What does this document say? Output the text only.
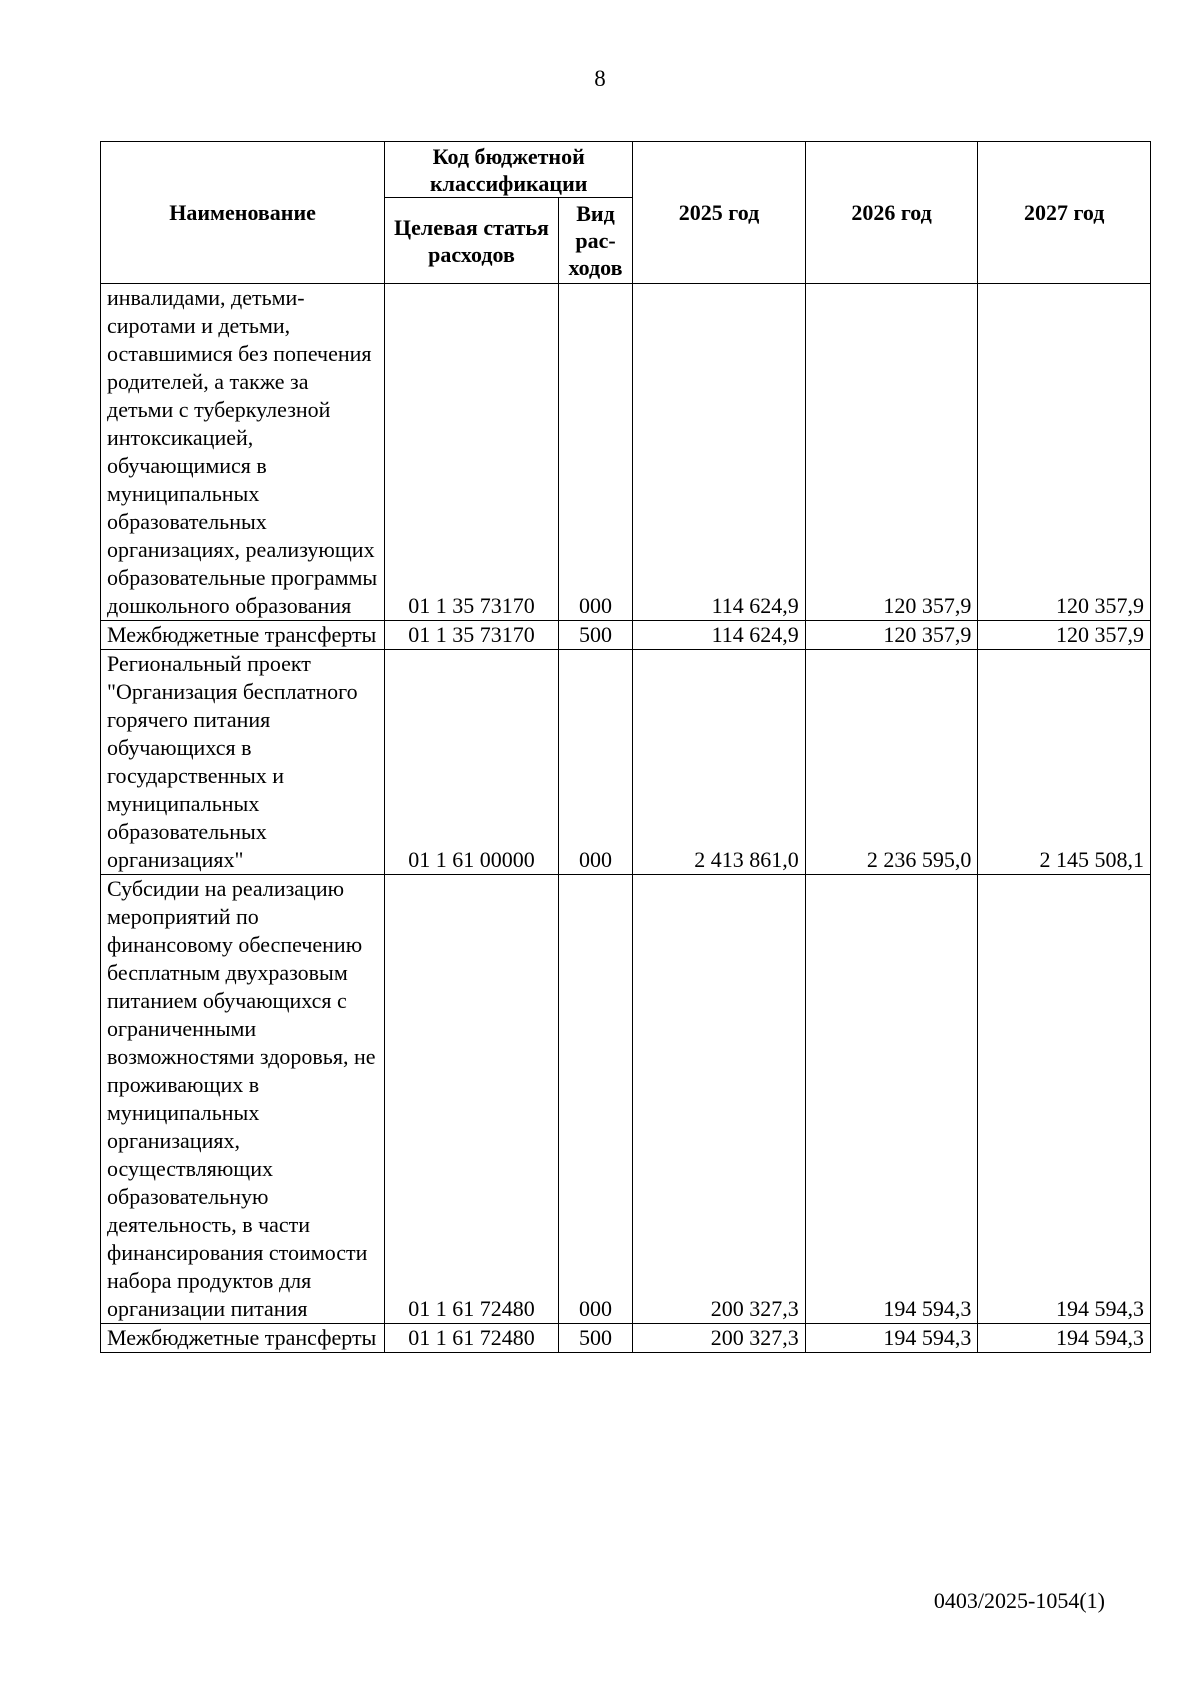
8
Наименование	Код бюджетной классификации		2025 год	2026 год	2027 год
	Целевая статья расходов	Вид рас-ходов			
инвалидами, детьми-сиротами и детьми, оставшимися без попечения родителей, а также за детьми с туберкулезной интоксикацией, обучающимися в муниципальных образовательных организациях, реализующих образовательные программы дошкольного образования	01 1 35 73170	000	114 624,9	120 357,9	120 357,9
Межбюджетные трансферты	01 1 35 73170	500	114 624,9	120 357,9	120 357,9
Региональный проект "Организация бесплатного горячего питания обучающихся в государственных и муниципальных образовательных организациях"	01 1 61 00000	000	2 413 861,0	2 236 595,0	2 145 508,1
Субсидии на реализацию мероприятий по финансовому обеспечению бесплатным двухразовым питанием обучающихся с ограниченными возможностями здоровья, не проживающих в муниципальных организациях, осуществляющих образовательную деятельность, в части финансирования стоимости набора продуктов для организации питания	01 1 61 72480	000	200 327,3	194 594,3	194 594,3
Межбюджетные трансферты	01 1 61 72480	500	200 327,3	194 594,3	194 594,3
0403/2025-1054(1)
